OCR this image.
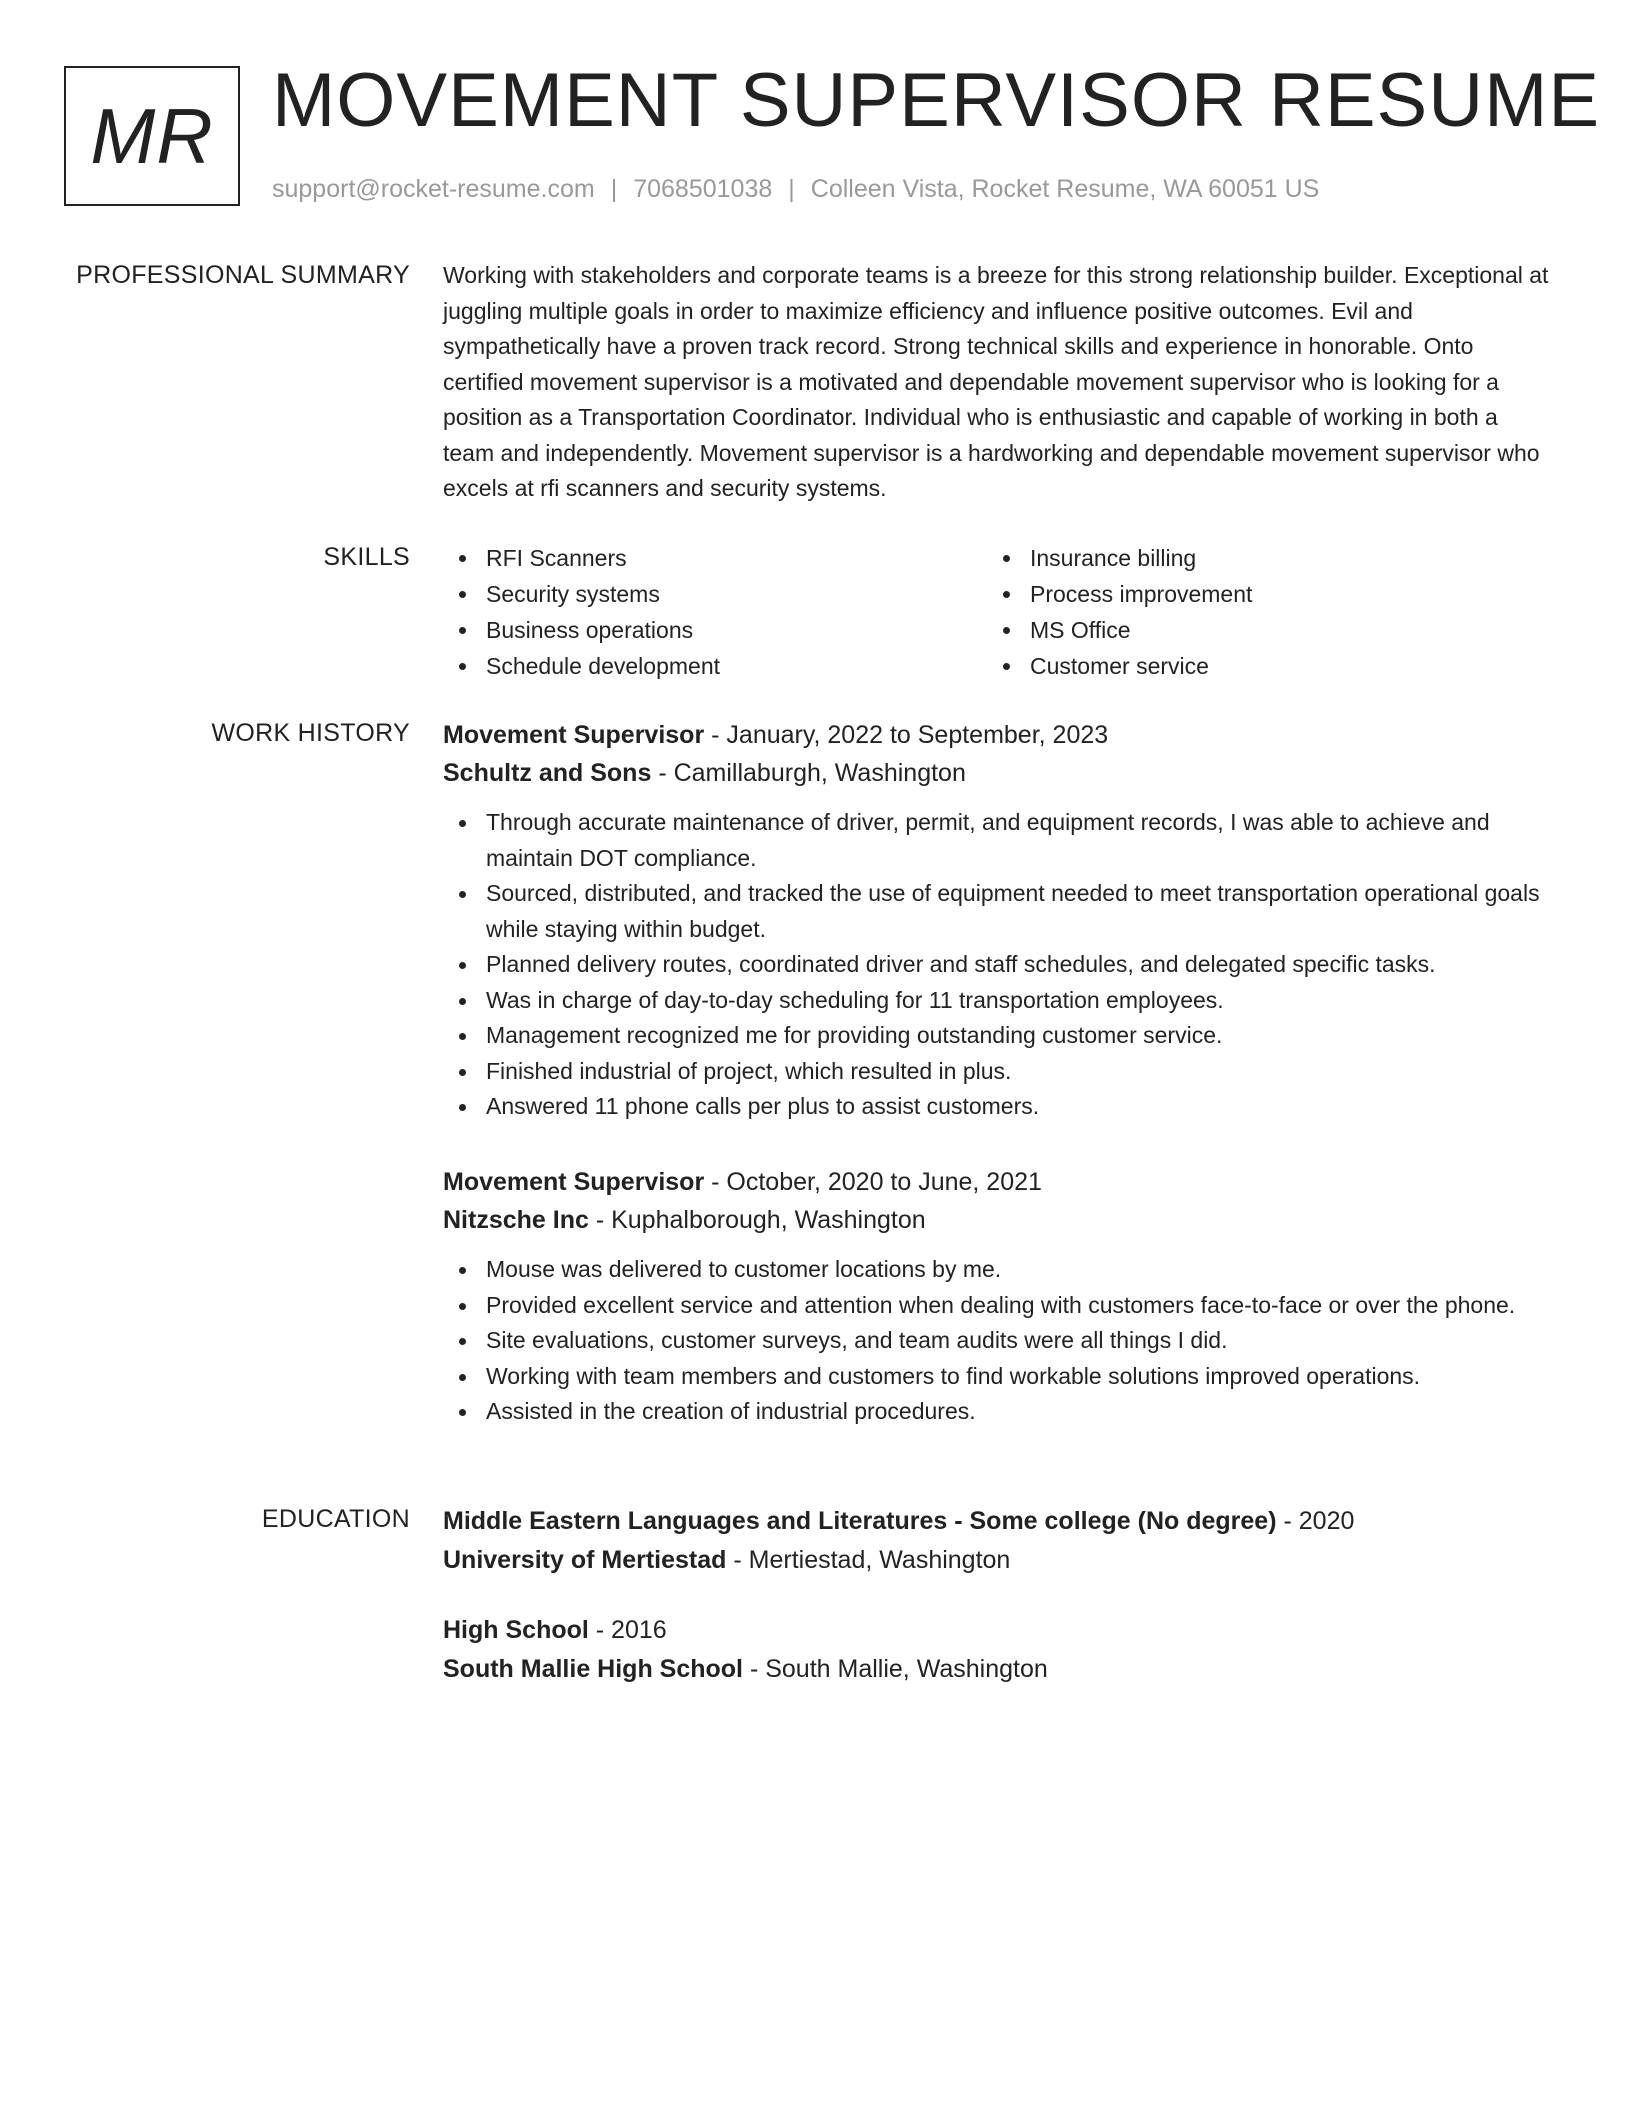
MR MOVEMENT SUPERVISOR RESUME
support@rocket-resume.com | 7068501038 | Colleen Vista, Rocket Resume, WA 60051 US
PROFESSIONAL SUMMARY Working with stakeholders and corporate teams is a breeze for this strong relationship builder. Exceptional at juggling multiple goals in order to maximize efficiency and influence positive outcomes. Evil and sympathetically have a proven track record. Strong technical skills and experience in honorable. Onto certified movement supervisor is a motivated and dependable movement supervisor who is looking for a position as a Transportation Coordinator. Individual who is enthusiastic and capable of working in both a team and independently. Movement supervisor is a hardworking and dependable movement supervisor who excels at rfi scanners and security systems.

SKILLS	RFI Scanners
Security systems
Business operations
Schedule development
Insurance billing
Process improvement
MS Office
Customer service
WORK HISTORY Movement Supervisor - January, 2022 to September, 2023
Schultz and Sons - Camillaburgh, Washington
Through accurate maintenance of driver, permit, and equipment records, I was able to achieve and maintain DOT compliance.
Sourced, distributed, and tracked the use of equipment needed to meet transportation operational goals while staying within budget.
Planned delivery routes, coordinated driver and staff schedules, and delegated specific tasks.
Was in charge of day-to-day scheduling for 11 transportation employees.
Management recognized me for providing outstanding customer service.
Finished industrial of project, which resulted in plus.
Answered 11 phone calls per plus to assist customers.
Movement Supervisor - October, 2020 to June, 2021
Nitzsche Inc - Kuphalborough, Washington
Mouse was delivered to customer locations by me.
Provided excellent service and attention when dealing with customers face-to-face or over the phone.
Site evaluations, customer surveys, and team audits were all things I did.
Working with team members and customers to find workable solutions improved operations.
Assisted in the creation of industrial procedures.
EDUCATION Middle Eastern Languages and Literatures - Some college (No degree) - 2020
University of Mertiestad - Mertiestad, Washington
High School - 2016
South Mallie High School - South Mallie, Washington
